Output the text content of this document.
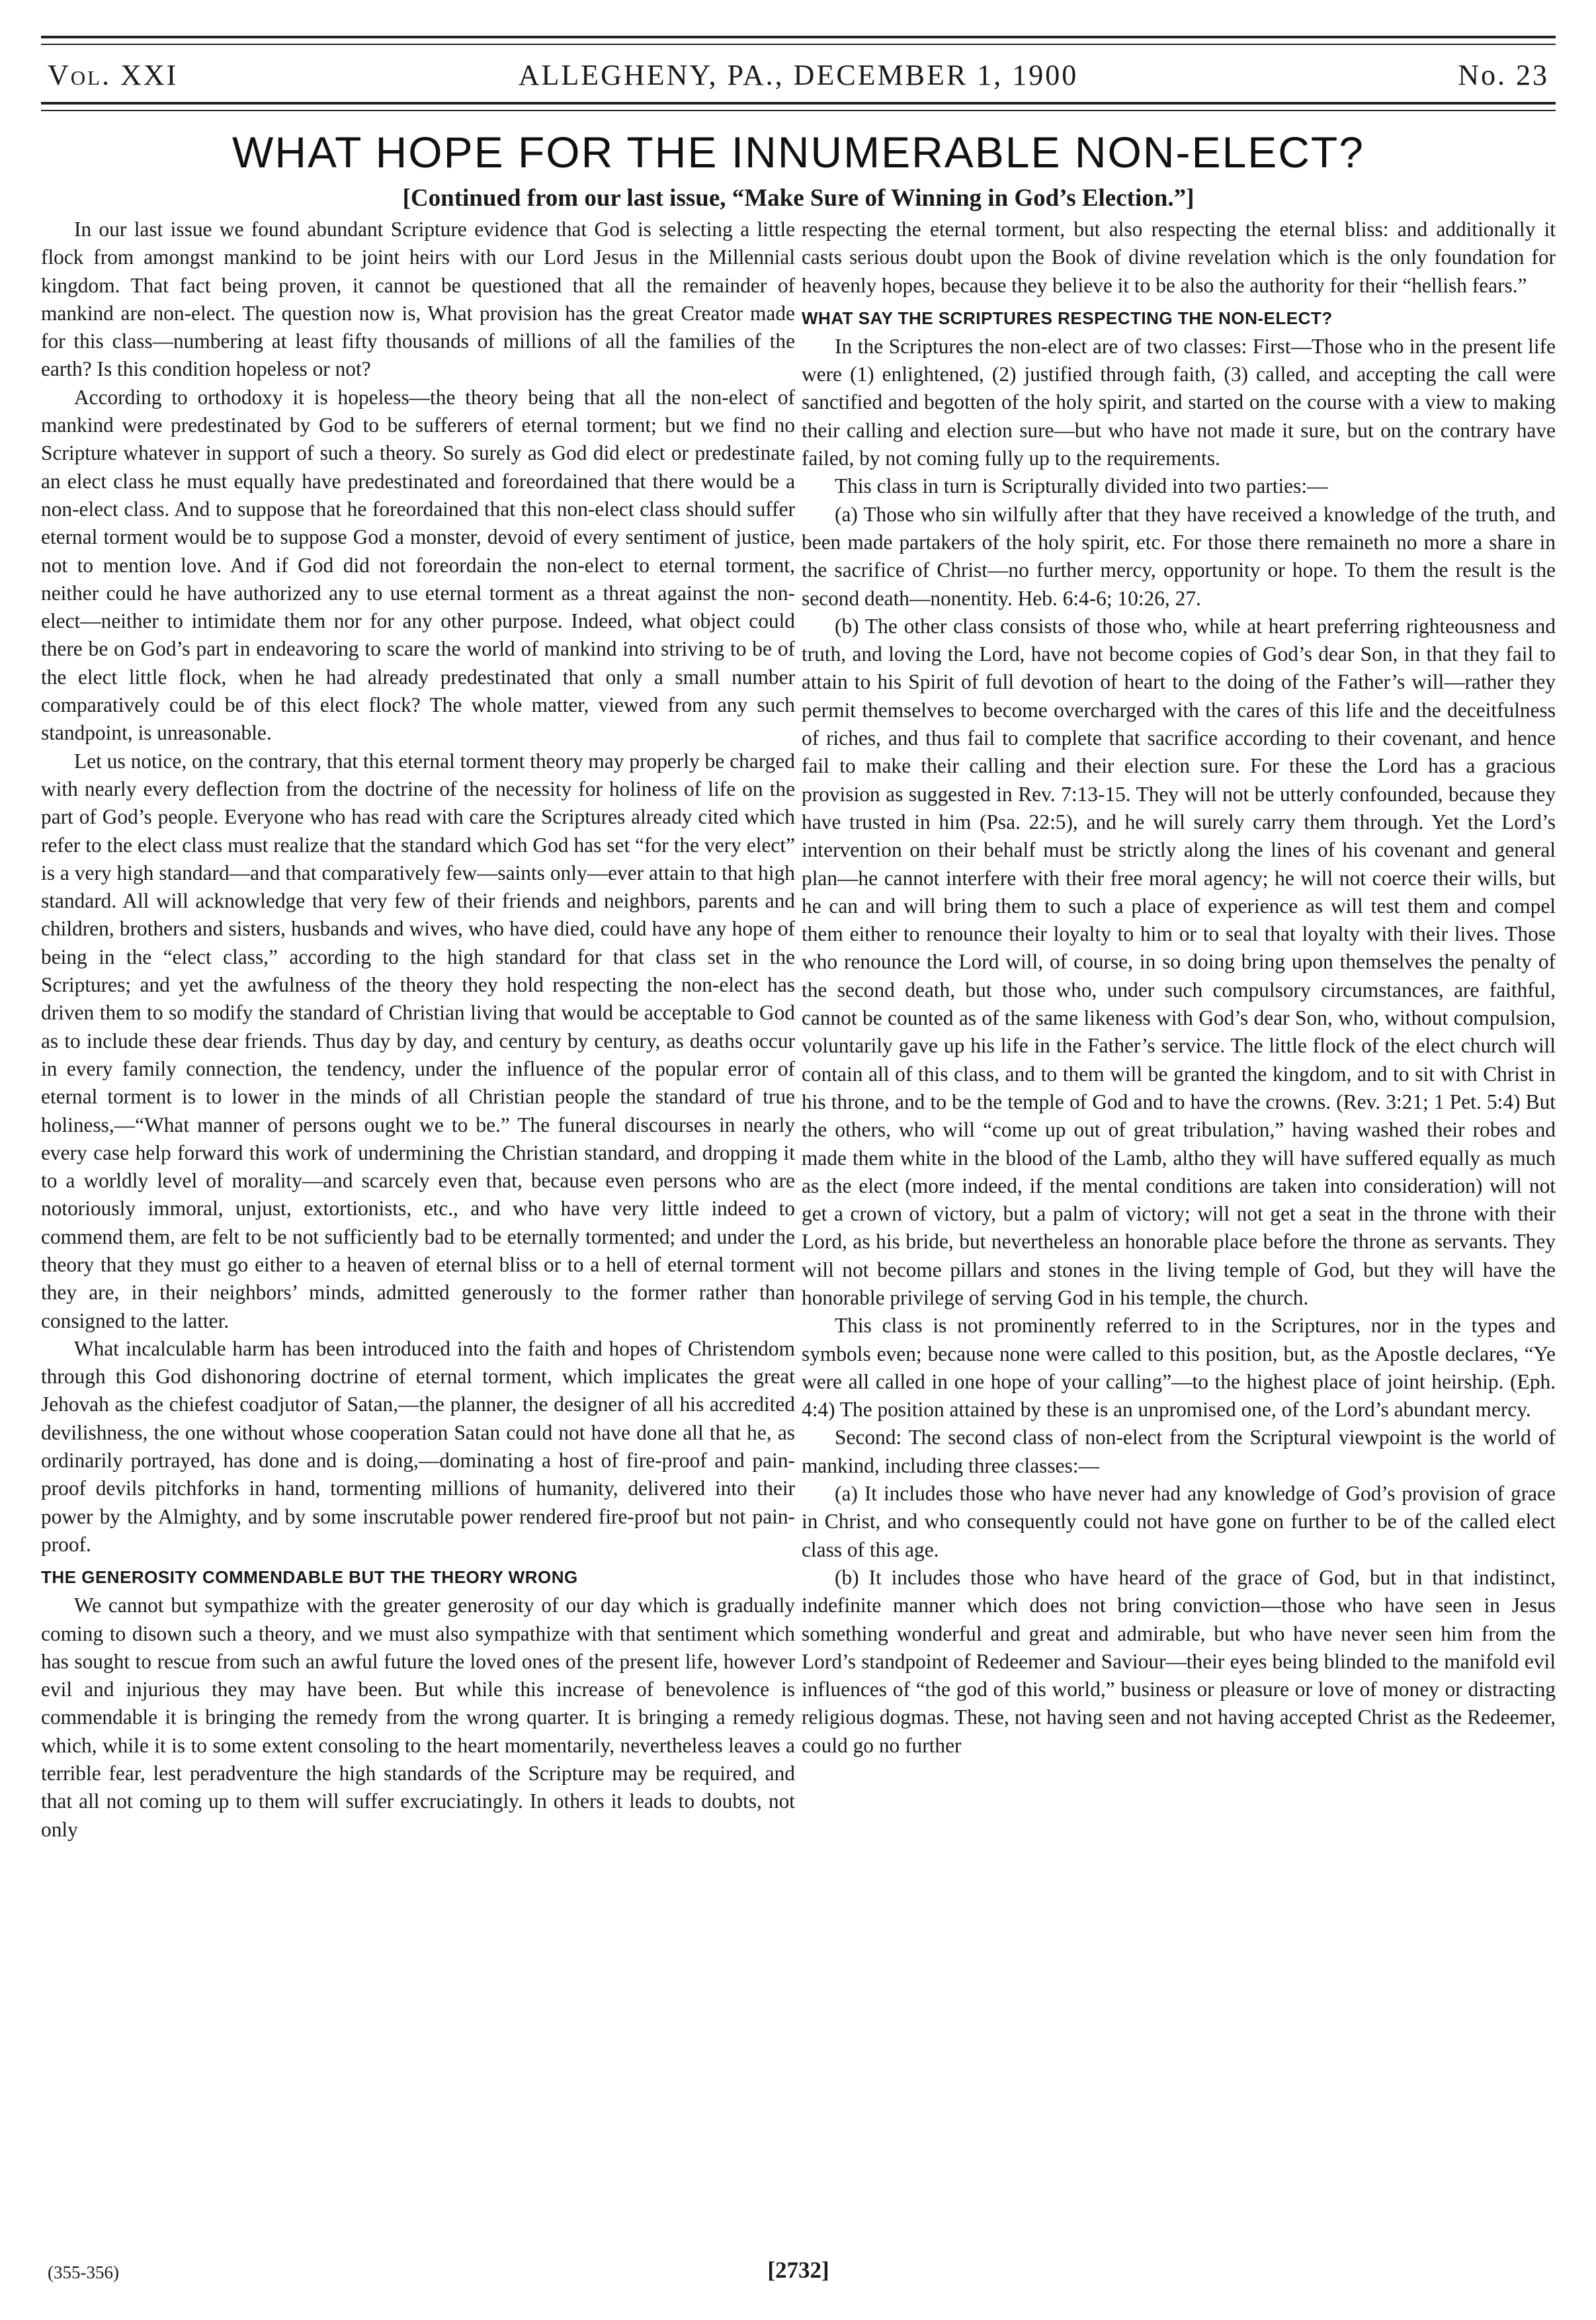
Vol. XXI	ALLEGHENY, PA., DECEMBER 1, 1900	No. 23
WHAT HOPE FOR THE INNUMERABLE NON-ELECT?
[Continued from our last issue, “Make Sure of Winning in God’s Election.”]

In our last issue we found abundant Scripture evidence that God is selecting a little flock from amongst mankind to be joint heirs with our Lord Jesus in the Millennial kingdom. That fact being proven, it cannot be questioned that all the remainder of mankind are non-elect. The question now is, What provision has the great Creator made for this class—numbering at least fifty thousands of millions of all the families of the earth? Is this condition hopeless or not?

According to orthodoxy it is hopeless—the theory being that all the non-elect of mankind were predestinated by God to be sufferers of eternal torment; but we find no Scripture whatever in support of such a theory. So surely as God did elect or predestinate an elect class he must equally have predestinated and foreordained that there would be a non-elect class. And to suppose that he foreordained that this non-elect class should suffer eternal torment would be to suppose God a monster, devoid of every sentiment of justice, not to mention love. And if God did not foreordain the non-elect to eternal torment, neither could he have authorized any to use eternal torment as a threat against the non-elect—neither to intimidate them nor for any other purpose. Indeed, what object could there be on God’s part in endeavoring to scare the world of mankind into striving to be of the elect little flock, when he had already predestinated that only a small number comparatively could be of this elect flock? The whole matter, viewed from any such standpoint, is unreasonable.

Let us notice, on the contrary, that this eternal torment theory may properly be charged with nearly every deflection from the doctrine of the necessity for holiness of life on the part of God’s people. Everyone who has read with care the Scriptures already cited which refer to the elect class must realize that the standard which God has set “for the very elect” is a very high standard—and that comparatively few—saints only—ever attain to that high standard. All will acknowledge that very few of their friends and neighbors, parents and children, brothers and sisters, husbands and wives, who have died, could have any hope of being in the “elect class,” according to the high standard for that class set in the Scriptures; and yet the awfulness of the theory they hold respecting the non-elect has driven them to so modify the standard of Christian living that would be acceptable to God as to include these dear friends. Thus day by day, and century by century, as deaths occur in every family connection, the tendency, under the influence of the popular error of eternal torment is to lower in the minds of all Christian people the standard of true holiness,—“What manner of persons ought we to be.” The funeral discourses in nearly every case help forward this work of undermining the Christian standard, and dropping it to a worldly level of morality—and scarcely even that, because even persons who are notoriously immoral, unjust, extortionists, etc., and who have very little indeed to commend them, are felt to be not sufficiently bad to be eternally tormented; and under the theory that they must go either to a heaven of eternal bliss or to a hell of eternal torment they are, in their neighbors’ minds, admitted generously to the former rather than consigned to the latter.

What incalculable harm has been introduced into the faith and hopes of Christendom through this God dishonoring doctrine of eternal torment, which implicates the great Jehovah as the chiefest coadjutor of Satan,—the planner, the designer of all his accredited devilishness, the one without whose cooperation Satan could not have done all that he, as ordinarily portrayed, has done and is doing,—dominating a host of fire-proof and pain-proof devils pitchforks in hand, tormenting millions of humanity, delivered into their power by the Almighty, and by some inscrutable power rendered fire-proof but not pain-proof.

THE GENEROSITY COMMENDABLE BUT THE THEORY WRONG

We cannot but sympathize with the greater generosity of our day which is gradually coming to disown such a theory, and we must also sympathize with that sentiment which has sought to rescue from such an awful future the loved ones of the present life, however evil and injurious they may have been. But while this increase of benevolence is commendable it is bringing the remedy from the wrong quarter. It is bringing a remedy which, while it is to some extent consoling to the heart momentarily, nevertheless leaves a terrible fear, lest peradventure the high standards of the Scripture may be required, and that all not coming up to them will suffer excruciatingly. In others it leads to doubts, not only

respecting the eternal torment, but also respecting the eternal bliss: and additionally it casts serious doubt upon the Book of divine revelation which is the only foundation for heavenly hopes, because they believe it to be also the authority for their “hellish fears.”

WHAT SAY THE SCRIPTURES RESPECTING THE NON-ELECT?

In the Scriptures the non-elect are of two classes: First—Those who in the present life were (1) enlightened, (2) justified through faith, (3) called, and accepting the call were sanctified and begotten of the holy spirit, and started on the course with a view to making their calling and election sure—but who have not made it sure, but on the contrary have failed, by not coming fully up to the requirements.

This class in turn is Scripturally divided into two parties:—

(a) Those who sin wilfully after that they have received a knowledge of the truth, and been made partakers of the holy spirit, etc. For those there remaineth no more a share in the sacrifice of Christ—no further mercy, opportunity or hope. To them the result is the second death—nonentity. Heb. 6:4-6; 10:26, 27.

(b) The other class consists of those who, while at heart preferring righteousness and truth, and loving the Lord, have not become copies of God’s dear Son, in that they fail to attain to his Spirit of full devotion of heart to the doing of the Father’s will—rather they permit themselves to become overcharged with the cares of this life and the deceitfulness of riches, and thus fail to complete that sacrifice according to their covenant, and hence fail to make their calling and their election sure. For these the Lord has a gracious provision as suggested in Rev. 7:13-15. They will not be utterly confounded, because they have trusted in him (Psa. 22:5), and he will surely carry them through. Yet the Lord’s intervention on their behalf must be strictly along the lines of his covenant and general plan—he cannot interfere with their free moral agency; he will not coerce their wills, but he can and will bring them to such a place of experience as will test them and compel them either to renounce their loyalty to him or to seal that loyalty with their lives. Those who renounce the Lord will, of course, in so doing bring upon themselves the penalty of the second death, but those who, under such compulsory circumstances, are faithful, cannot be counted as of the same likeness with God’s dear Son, who, without compulsion, voluntarily gave up his life in the Father’s service. The little flock of the elect church will contain all of this class, and to them will be granted the kingdom, and to sit with Christ in his throne, and to be the temple of God and to have the crowns. (Rev. 3:21; 1 Pet. 5:4) But the others, who will “come up out of great tribulation,” having washed their robes and made them white in the blood of the Lamb, altho they will have suffered equally as much as the elect (more indeed, if the mental conditions are taken into consideration) will not get a crown of victory, but a palm of victory; will not get a seat in the throne with their Lord, as his bride, but nevertheless an honorable place before the throne as servants. They will not become pillars and stones in the living temple of God, but they will have the honorable privilege of serving God in his temple, the church.

This class is not prominently referred to in the Scriptures, nor in the types and symbols even; because none were called to this position, but, as the Apostle declares, “Ye were all called in one hope of your calling”—to the highest place of joint heirship. (Eph. 4:4) The position attained by these is an unpromised one, of the Lord’s abundant mercy.

Second: The second class of non-elect from the Scriptural viewpoint is the world of mankind, including three classes:—

(a) It includes those who have never had any knowledge of God’s provision of grace in Christ, and who consequently could not have gone on further to be of the called elect class of this age.

(b) It includes those who have heard of the grace of God, but in that indistinct, indefinite manner which does not bring conviction—those who have seen in Jesus something wonderful and great and admirable, but who have never seen him from the Lord’s standpoint of Redeemer and Saviour—their eyes being blinded to the manifold evil influences of “the god of this world,” business or pleasure or love of money or distracting religious dogmas. These, not having seen and not having accepted Christ as the Redeemer, could go no further

(355-356)	[2732]
